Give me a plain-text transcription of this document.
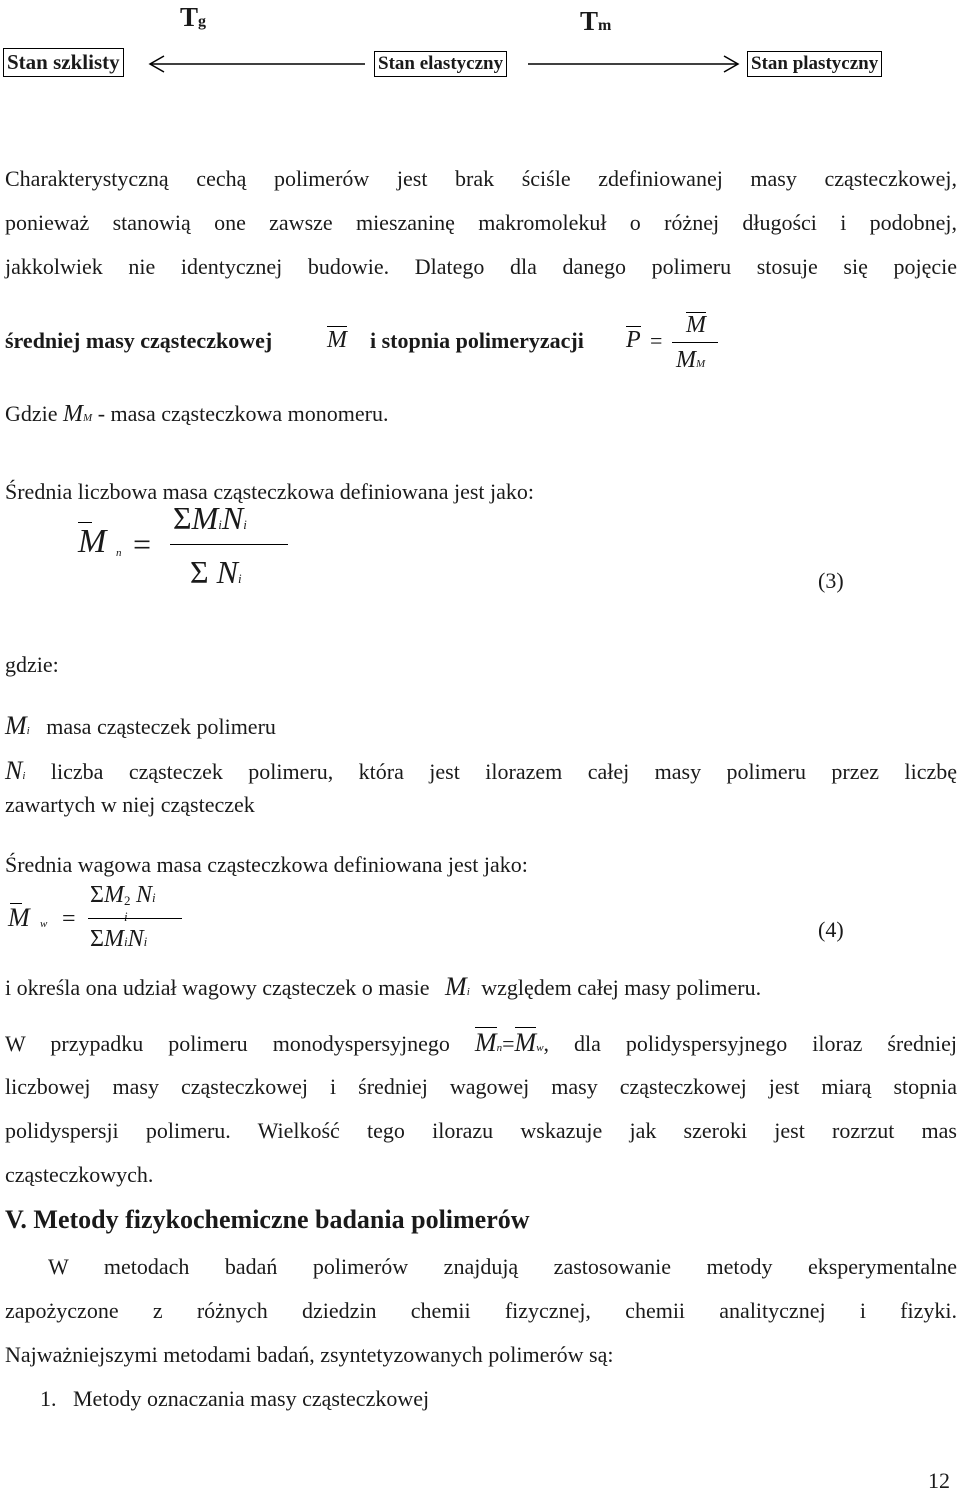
Tg	Tm
Stan szklisty	Stan elastyczny	Stan plastyczny
Charakterystyczną cechą polimerów jest brak ściśle zdefiniowanej masy cząsteczkowej,
ponieważ stanowią one zawsze mieszaninę makromolekuł o różnej długości i podobnej,
jakkolwiek nie identycznej budowie. Dlatego dla danego polimeru stosuje się pojęcie
średniej masy cząsteczkowej M i stopnia polimeryzacji P =
M
MM
Gdzie MM - masa cząsteczkowa monomeru.
Średnia liczbowa masa cząsteczkowa definiowana jest jako:
M n =
ΣMiNi
Σ Ni	(3)
gdzie:
Mi masa cząsteczek polimeru
Ni liczba cząsteczek polimeru, która jest ilorazem całej masy polimeru przez liczbę
zawartych w niej cząsteczek
Średnia wagowa masa cząsteczkowa definiowana jest jako:
M w =
ΣM 2
i
Ni
ΣMiNi	(4)
i określa ona udział wagowy cząsteczek o masie Mi względem całej masy polimeru.
W przypadku polimeru monodyspersyjnego Mn=Mw, dla polidyspersyjnego iloraz średniej
liczbowej masy cząsteczkowej i średniej wagowej masy cząsteczkowej jest miarą stopnia
polidyspersji polimeru. Wielkość tego ilorazu wskazuje jak szeroki jest rozrzut mas
cząsteczkowych.
V. Metody fizykochemiczne badania polimerów
W metodach badań polimerów znajdują zastosowanie metody eksperymentalne
zapożyczone z różnych dziedzin chemii fizycznej, chemii analitycznej i fizyki.
Najważniejszymi metodami badań, zsyntetyzowanych polimerów są:
1. Metody oznaczania masy cząsteczkowej
12
